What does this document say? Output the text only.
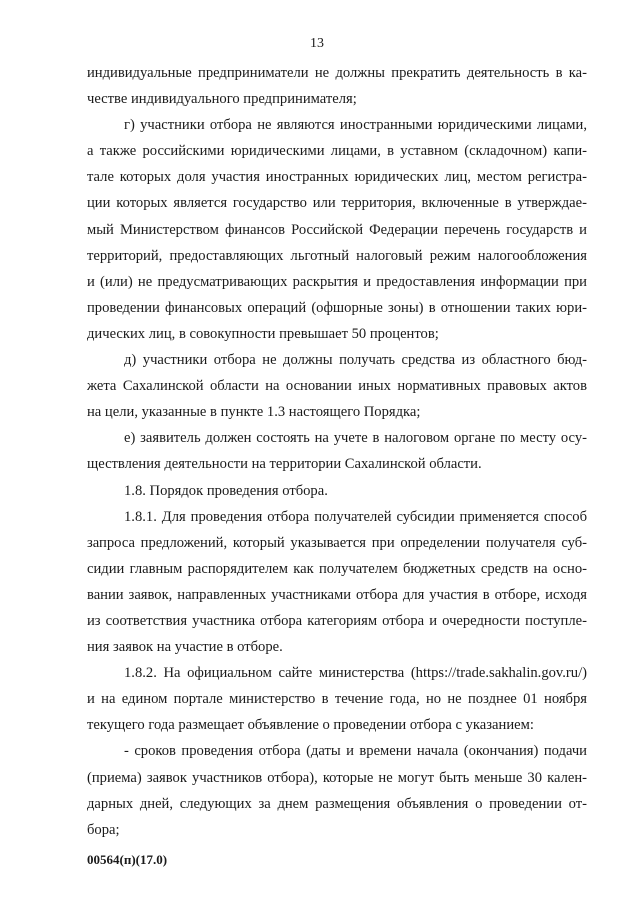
13
индивидуальные предприниматели не должны прекратить деятельность в ка-
честве индивидуального предпринимателя;
г) участники отбора не являются иностранными юридическими лицами,
а также российскими юридическими лицами, в уставном (складочном) капи-
тале которых доля участия иностранных юридических лиц, местом регистра-
ции которых является государство или территория, включенные в утверждае-
мый Министерством финансов Российской Федерации перечень государств и
территорий, предоставляющих льготный налоговый режим налогообложения
и (или) не предусматривающих раскрытия и предоставления информации при
проведении финансовых операций (офшорные зоны) в отношении таких юри-
дических лиц, в совокупности превышает 50 процентов;
д) участники отбора не должны получать средства из областного бюд-
жета Сахалинской области на основании иных нормативных правовых актов
на цели, указанные в пункте 1.3 настоящего Порядка;
е) заявитель должен состоять на учете в налоговом органе по месту осу-
ществления деятельности на территории Сахалинской области.
1.8. Порядок проведения отбора.
1.8.1. Для проведения отбора получателей субсидии применяется способ
запроса предложений, который указывается при определении получателя суб-
сидии главным распорядителем как получателем бюджетных средств на осно-
вании заявок, направленных участниками отбора для участия в отборе, исходя
из соответствия участника отбора категориям отбора и очередности поступле-
ния заявок на участие в отборе.
1.8.2. На официальном сайте министерства (https://trade.sakhalin.gov.ru/)
и на едином портале министерство в течение года, но не позднее 01 ноября
текущего года размещает объявление о проведении отбора с указанием:
- сроков проведения отбора (даты и времени начала (окончания) подачи
(приема) заявок участников отбора), которые не могут быть меньше 30 кален-
дарных дней, следующих за днем размещения объявления о проведении от-
бора;
00564(п)(17.0)
